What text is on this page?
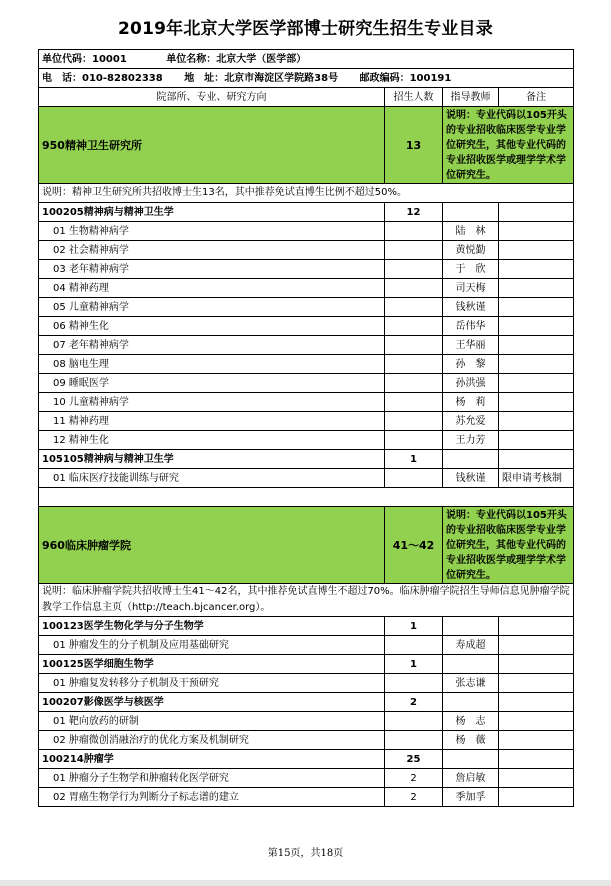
2019年北京大学医学部博士研究生招生专业目录
单位代码：10001 单位名称：北京大学（医学部）			
电　话：010-82802338 地　址：北京市海淀区学院路38号 邮政编码：100191			
院部所、专业、研究方向	招生人数	指导教师	备注
950精神卫生研究所	13	说明：专业代码以105开头的专业招收临床医学专业学位研究生，其他专业代码的专业招收医学或理学学术学位研究生。	
说明：精神卫生研究所共招收博士生13名，其中推荐免试直博生比例不超过50%。			
100205精神病与精神卫生学	12		
01 生物精神病学		陆　林	
02 社会精神病学		黄悦勤	
03 老年精神病学		于　欣	
04 精神药理		司天梅	
05 儿童精神病学		钱秋谨	
06 精神生化		岳伟华	
07 老年精神病学		王华丽	
08 脑电生理		孙　黎	
09 睡眠医学		孙洪强	
10 儿童精神病学		杨　莉	
11 精神药理		苏允爱	
12 精神生化		王力芳	
105105精神病与精神卫生学	1		
01 临床医疗技能训练与研究		钱秋谨	限申请考核制

960临床肿瘤学院	41～42	说明：专业代码以105开头的专业招收临床医学专业学位研究生，其他专业代码的专业招收医学或理学学术学位研究生。	
说明：临床肿瘤学院共招收博士生41～42名，其中推荐免试直博生不超过70%。临床肿瘤学院招生导师信息见肿瘤学院教学工作信息主页（http://teach.bjcancer.org）。			
100123医学生物化学与分子生物学	1		
01 肿瘤发生的分子机制及应用基础研究		寿成超	
100125医学细胞生物学	1		
01 肿瘤复发转移分子机制及干预研究		张志谦	
100207影像医学与核医学	2		
01 靶向放药的研制		杨　志	
02 肿瘤微创消融治疗的优化方案及机制研究		杨　薇	
100214肿瘤学	25		
01 肿瘤分子生物学和肿瘤转化医学研究	2	詹启敏	
02 胃癌生物学行为判断分子标志谱的建立	2	季加孚	
第15页，共18页
